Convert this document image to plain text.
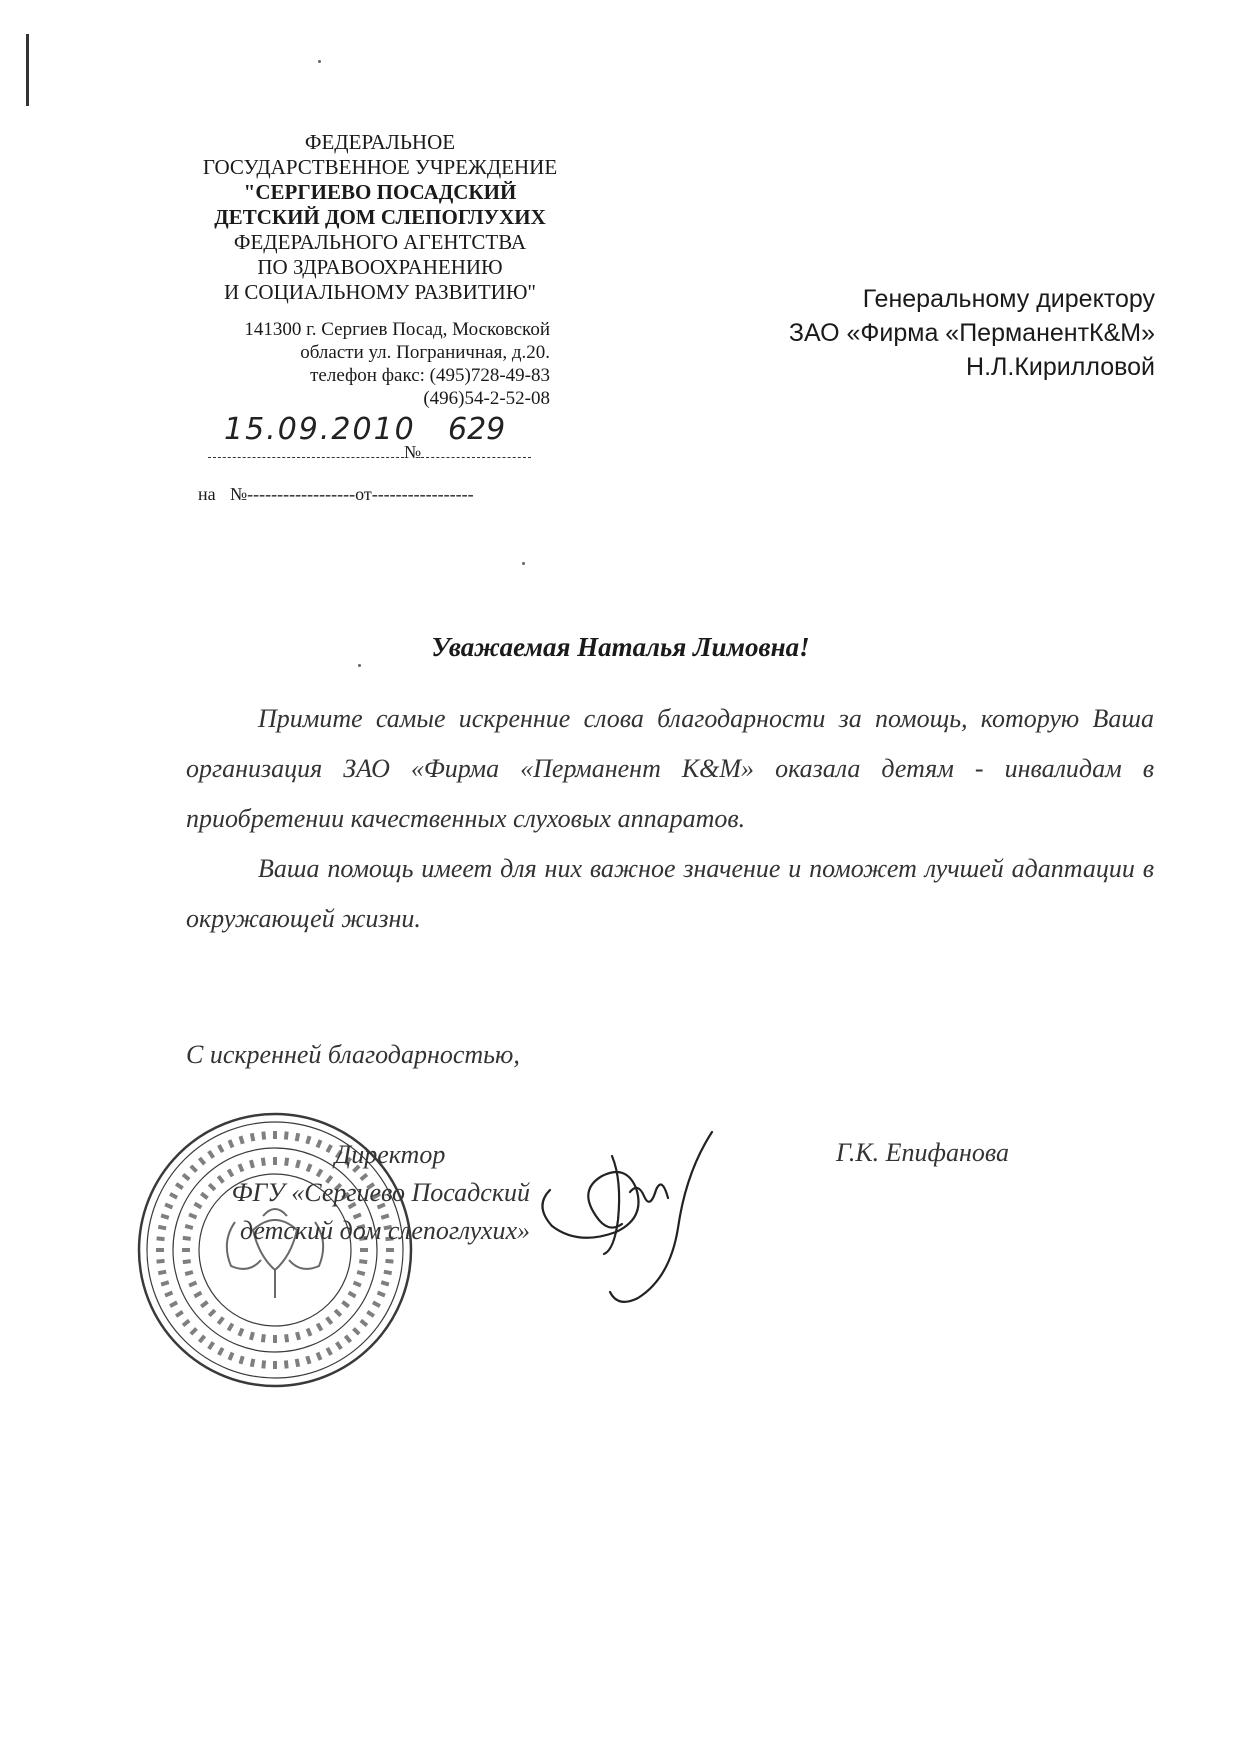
ФЕДЕРАЛЬНОЕ
ГОСУДАРСТВЕННОЕ УЧРЕЖДЕНИЕ
"СЕРГИЕВО ПОСАДСКИЙ
ДЕТСКИЙ ДОМ СЛЕПОГЛУХИХ
ФЕДЕРАЛЬНОГО АГЕНТСТВА
ПО ЗДРАВООХРАНЕНИЮ
И СОЦИАЛЬНОМУ РАЗВИТИЮ"
141300 г. Сергиев Посад, Московской
области ул. Пограничная, д.20.
телефон факс: (495)728-49-83
(496)54-2-52-08
15.09.2010 629
№
на №------------------от-----------------
Генеральному директору
ЗАО «Фирма «ПерманентК&М»
Н.Л.Кирилловой
Уважаемая Наталья Лимовна!

Примите самые искренние слова благодарности за помощь, которую Ваша организация ЗАО «Фирма «Перманент К&М» оказала детям - инвалидам в приобретении качественных слуховых аппаратов.

Ваша помощь имеет для них важное значение и поможет лучшей адаптации в окружающей жизни.

С искренней благодарностью,
Директор
ФГУ «Сергиево Посадский
детский дом слепоглухих»
Г.К. Епифанова
